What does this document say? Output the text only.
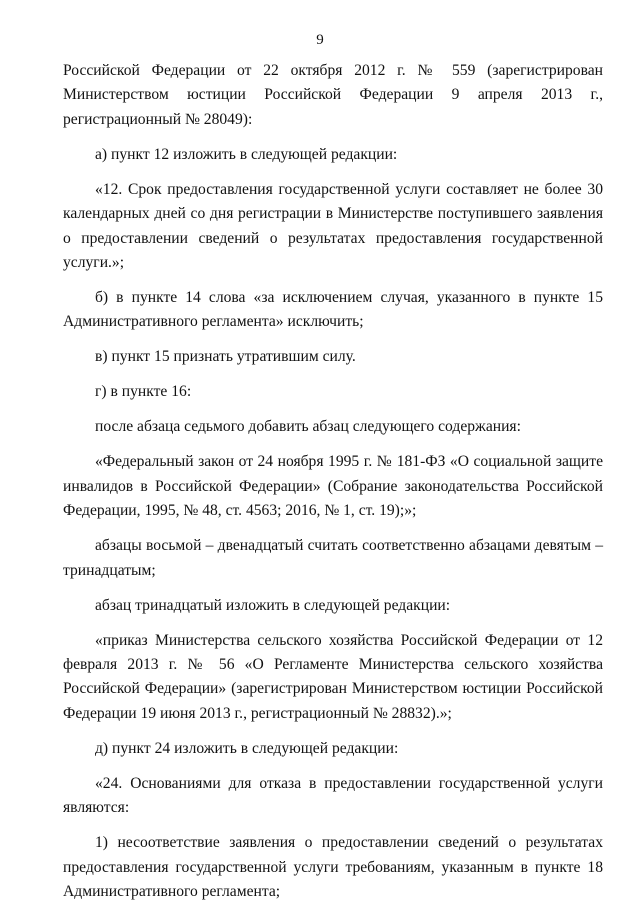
9

Российской Федерации от 22 октября 2012 г. № 559 (зарегистрирован Министерством юстиции Российской Федерации 9 апреля 2013 г., регистрационный № 28049):

а) пункт 12 изложить в следующей редакции:

«12. Срок предоставления государственной услуги составляет не более 30 календарных дней со дня регистрации в Министерстве поступившего заявления о предоставлении сведений о результатах предоставления государственной услуги.»;

б) в пункте 14 слова «за исключением случая, указанного в пункте 15 Административного регламента» исключить;

в) пункт 15 признать утратившим силу.

г) в пункте 16:

после абзаца седьмого добавить абзац следующего содержания:

«Федеральный закон от 24 ноября 1995 г. № 181-ФЗ «О социальной защите инвалидов в Российской Федерации» (Собрание законодательства Российской Федерации, 1995, № 48, ст. 4563; 2016, № 1, ст. 19);»;

абзацы восьмой – двенадцатый считать соответственно абзацами девятым – тринадцатым;

абзац тринадцатый изложить в следующей редакции:

«приказ Министерства сельского хозяйства Российской Федерации от 12 февраля 2013 г. № 56 «О Регламенте Министерства сельского хозяйства Российской Федерации» (зарегистрирован Министерством юстиции Российской Федерации 19 июня 2013 г., регистрационный № 28832).»;

д) пункт 24 изложить в следующей редакции:

«24. Основаниями для отказа в предоставлении государственной услуги являются:

1) несоответствие заявления о предоставлении сведений о результатах предоставления государственной услуги требованиям, указанным в пункте 18 Административного регламента;
